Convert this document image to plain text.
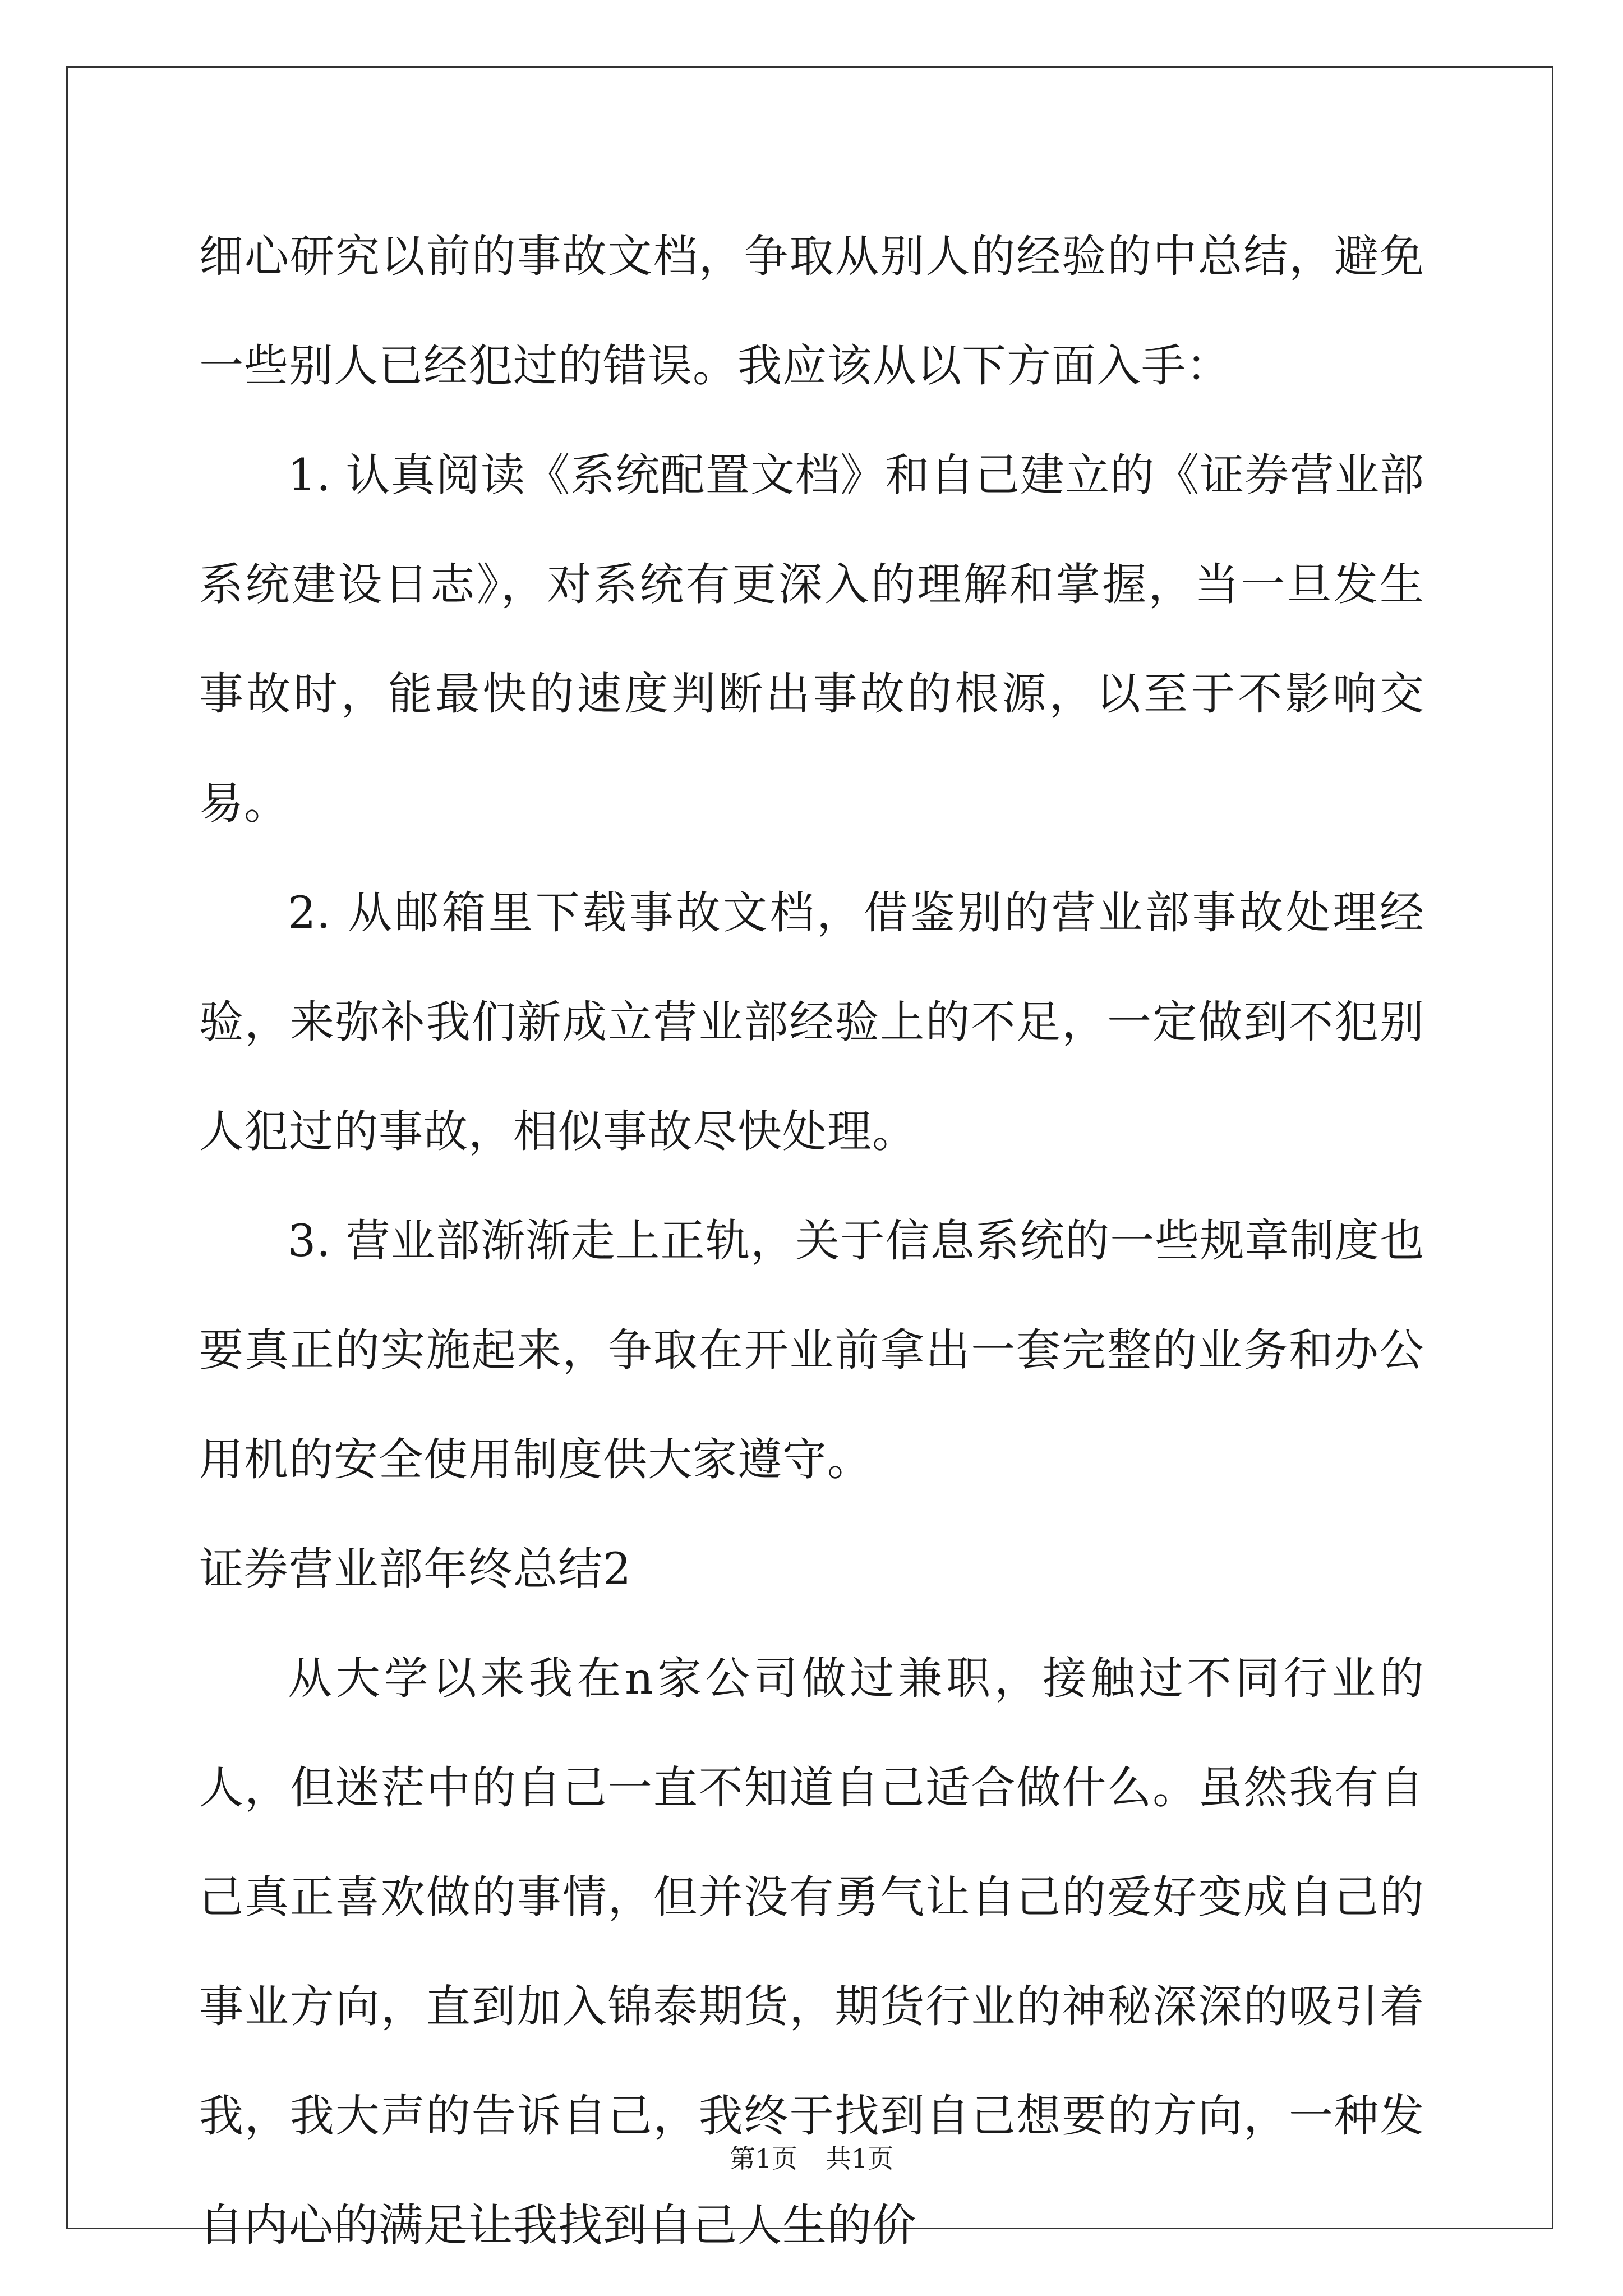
细心研究以前的事故文档，争取从别人的经验的中总结，避免一些别人已经犯过的错误。我应该从以下方面入手：

1. 认真阅读《系统配置文档》和自己建立的《证券营业部系统建设日志》，对系统有更深入的理解和掌握，当一旦发生事故时，能最快的速度判断出事故的根源，以至于不影响交易。

2. 从邮箱里下载事故文档，借鉴别的营业部事故处理经验，来弥补我们新成立营业部经验上的不足，一定做到不犯别人犯过的事故，相似事故尽快处理。

3. 营业部渐渐走上正轨，关于信息系统的一些规章制度也要真正的实施起来，争取在开业前拿出一套完整的业务和办公用机的安全使用制度供大家遵守。

证券营业部年终总结2

从大学以来我在n家公司做过兼职，接触过不同行业的人，但迷茫中的自己一直不知道自己适合做什么。虽然我有自己真正喜欢做的事情，但并没有勇气让自己的爱好变成自己的事业方向，直到加入锦泰期货，期货行业的神秘深深的吸引着我，我大声的告诉自己，我终于找到自己想要的方向，一种发自内心的满足让我找到自己人生的价

第1页 共1页
